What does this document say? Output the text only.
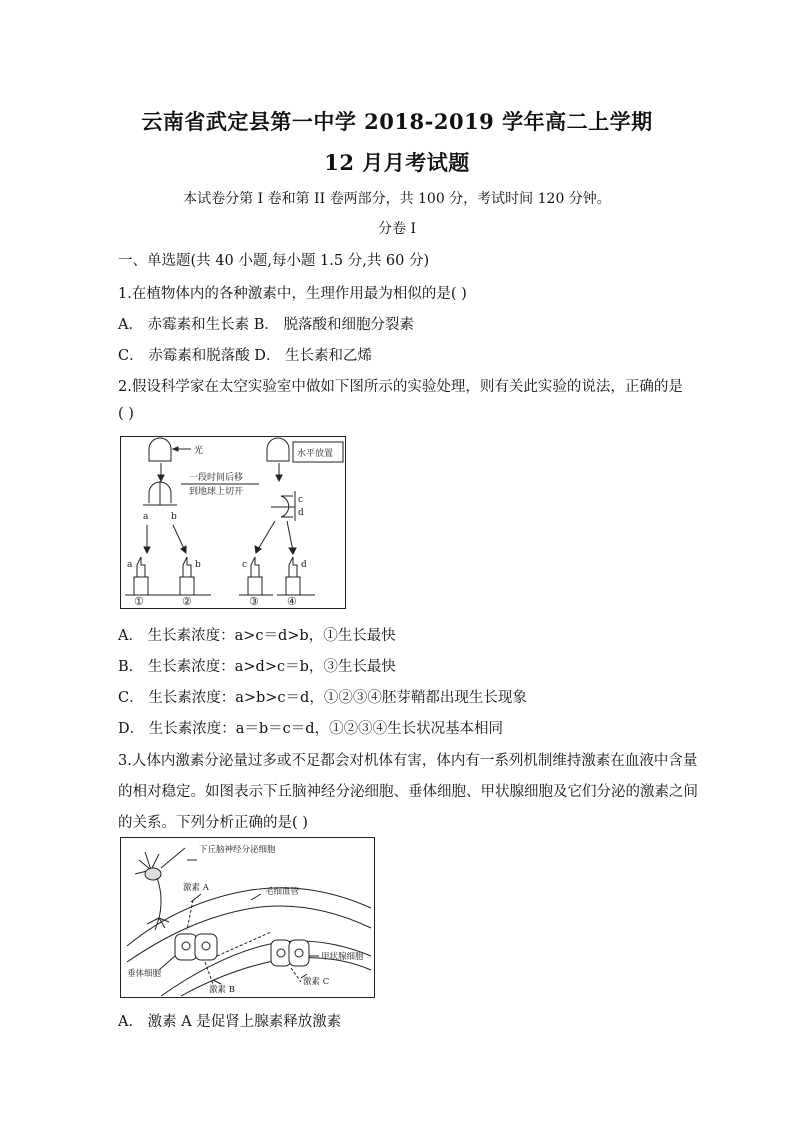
云南省武定县第一中学 2018-2019 学年高二上学期
12 月月考试题
本试卷分第 I 卷和第 II 卷两部分，共 100 分，考试时间 120 分钟。
分卷 I
一、单选题(共 40 小题,每小题 1.5 分,共 60 分)
1.在植物体内的各种激素中，生理作用最为相似的是( )
A． 赤霉素和生长素 B． 脱落酸和细胞分裂素
C． 赤霉素和脱落酸 D． 生长素和乙烯
2.假设科学家在太空实验室中做如下图所示的实验处理，则有关此实验的说法，正确的是
( )
光	水平放置
一段时间后移
到地球上切开
a	b
c
d
a	b	c	d
①	②	③	④
A． 生长素浓度：a>c＝d>b，①生长最快
B． 生长素浓度：a>d>c＝b，③生长最快
C． 生长素浓度：a>b>c＝d，①②③④胚芽鞘都出现生长现象
D． 生长素浓度：a＝b＝c＝d，①②③④生长状况基本相同
3.人体内激素分泌量过多或不足都会对机体有害，体内有一系列机制维持激素在血液中含量
的相对稳定。如图表示下丘脑神经分泌细胞、垂体细胞、甲状腺细胞及它们分泌的激素之间
的关系。下列分析正确的是( )
下丘脑神经分泌细胞
激素 A	毛细血管
垂体细胞
甲状腺细胞
激素 C
激素 B
A． 激素 A 是促肾上腺素释放激素
